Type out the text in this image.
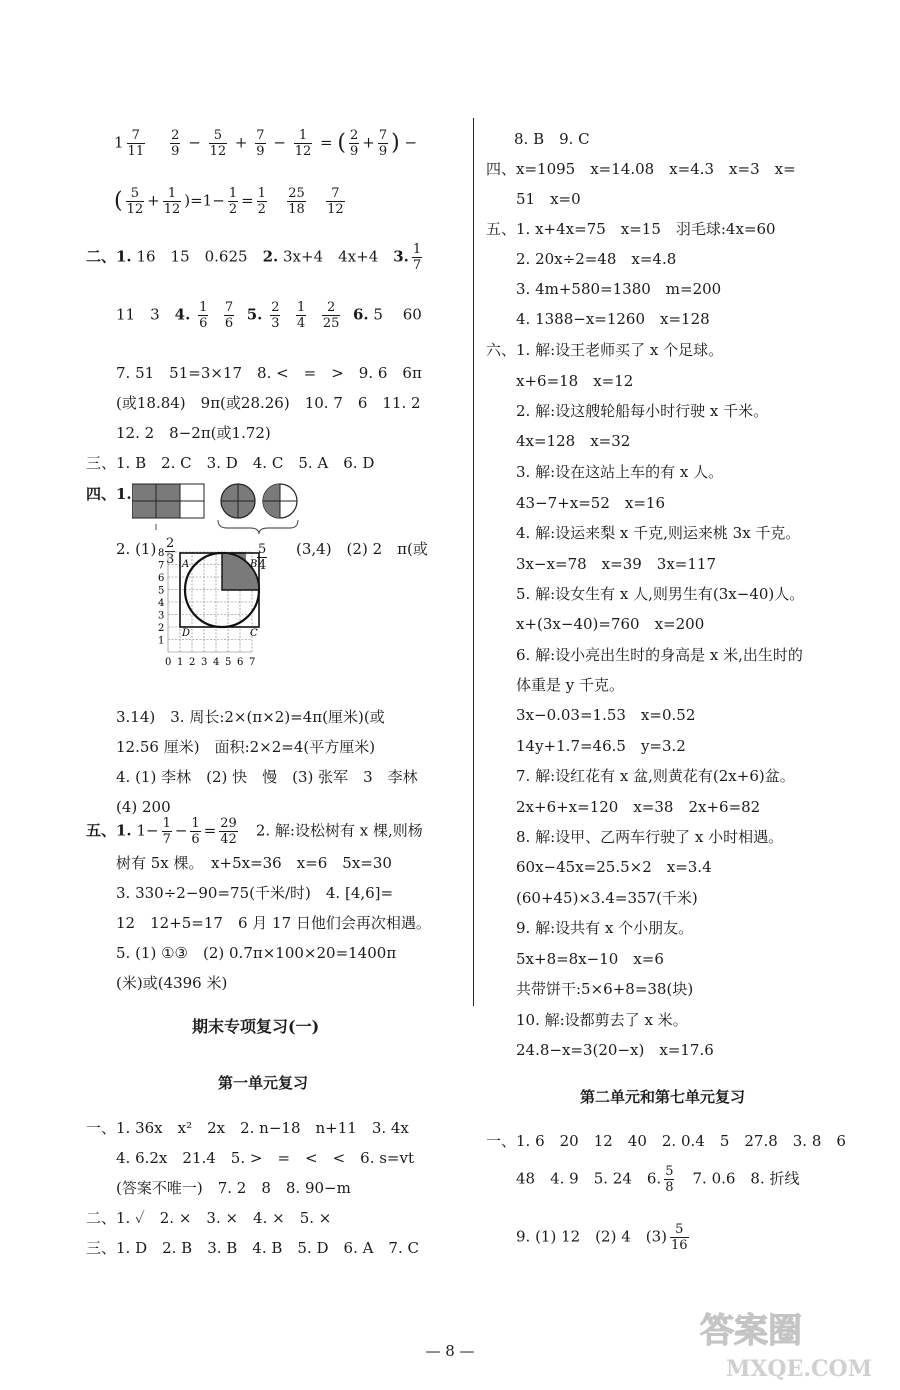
$1 \frac{7}{11}$
$\frac{2}{9} - \frac{5}{12} + \frac{7}{9} - \frac{1}{12}$ = ( $\frac{2}{9} + \frac{7}{9}$ ) −
( $\frac{5}{12} + \frac{1}{12} )=1- \frac{1}{2} = \frac{1}{2}$
$\frac{25}{18}$
$\frac{7}{12}$
二、1. 16　15　0.625　2. 3x+4　4x+4　3. $\frac{1}{7}$
11　3　4. $\frac{1}{6}$
$\frac{7}{6} 5$. $\frac{2}{3}$
$\frac{1}{4}$
$\frac{2}{25} 6$. 5　 60
7. 51　51=3×17　8. <　=　>　9. 6　6π
(或18.84)　9π(或28.26)　10. 7　6　11. 2
12. 2　8−2π(或1.72)
三、1. B　2. C　3. D　4. C　5. A　6. D
四、1.
$\frac{2}{3}$	$\frac{5}{4}$
2. (1)	(3,4)　(2) 2　π(或
A	B
C
D
0 1 2 3 4 5 6 7
1
2
3
4
5
6
7
8
3.14)　3. 周长:2×(π×2)=4π(厘米)(或
12.56 厘米)　面积:2×2=4(平方厘米)
4. (1) 李林　(2) 快　慢　(3) 张军　3　李林
(4) 200
五、1. $1- \frac{1}{7} - \frac{1}{6} = \frac{29}{42}$ 　2. 解:设松树有 x 棵,则杨
树有 5x 棵。　x+5x=36　x=6　5x=30
3. 330÷2−90=75(千米/时)　4. [4,6]=
12　12+5=17　6 月 17 日他们会再次相遇。
5. (1) ①③　(2) 0.7π×100×20=1400π
(米)或(4396 米)
期末专项复习(一)
第一单元复习
一、1. 36x　x²　2x　2. n−18　n+11　3. 4x
4. 6.2x　21.4　5. >　=　<　<　6. s=vt
(答案不唯一)　7. 2　8　8. 90−m
二、1. ✓　2. ×　3. ×　4. ×　5. ×
三、1. D　2. B　3. B　4. B　5. D　6. A　7. C
8. B　9. C
四、x=1095　x=14.08　x=4.3　x=3　x=
51　x=0
五、1. x+4x=75　x=15　羽毛球:4x=60
2. 20x÷2=48　x=4.8
3. 4m+580=1380　m=200
4. 1388−x=1260　x=128
六、1. 解:设王老师买了 x 个足球。
x+6=18　x=12
2. 解:设这艘轮船每小时行驶 x 千米。
4x=128　x=32
3. 解:设在这站上车的有 x 人。
43−7+x=52　x=16
4. 解:设运来梨 x 千克,则运来桃 3x 千克。
3x−x=78　x=39　3x=117
5. 解:设女生有 x 人,则男生有(3x−40)人。
x+(3x−40)=760　x=200
6. 解:设小亮出生时的身高是 x 米,出生时的
体重是 y 千克。
3x−0.03=1.53　x=0.52
14y+1.7=46.5　y=3.2
7. 解:设红花有 x 盆,则黄花有(2x+6)盆。
2x+6+x=120　x=38　2x+6=82
8. 解:设甲、乙两车行驶了 x 小时相遇。
60x−45x=25.5×2　x=3.4
(60+45)×3.4=357(千米)
9. 解:设共有 x 个小朋友。
5x+8=8x−10　x=6
共带饼干:5×6+8=38(块)
10. 解:设都剪去了 x 米。
24.8−x=3(20−x)　x=17.6
第二单元和第七单元复习
一、1. 6　20　12　40　2. 0.4　5　27.8　3. 8　6
48　4. 9　5. 24　6. $\frac{5}{8}$ 　7. 0.6　8. 折线
9. (1) 12　(2) 4　$(3) \frac{5}{16}$
— 8 —	答案圈
MXQE.COM
